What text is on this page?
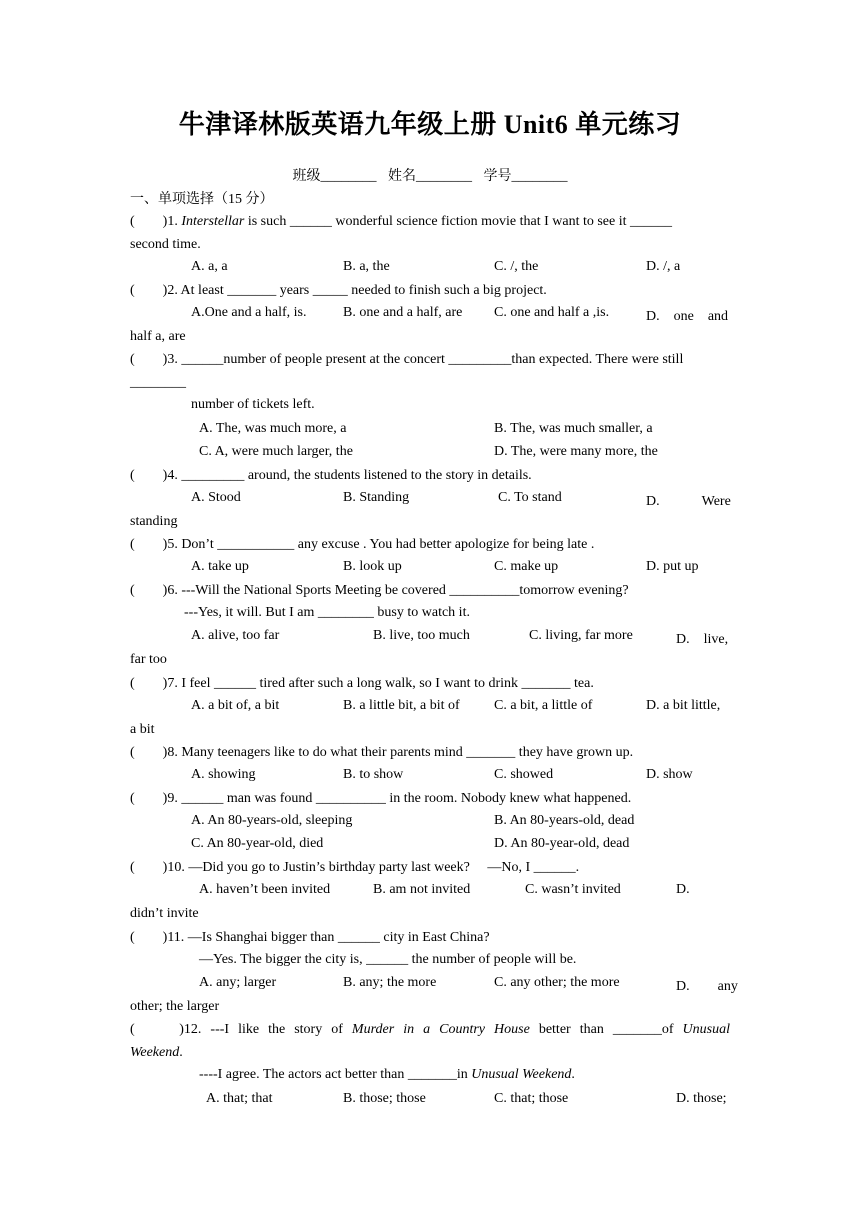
牛津译林版英语九年级上册 Unit6 单元练习
班级________ 姓名________ 学号________
一、单项选择（15 分）
(　　)1. Interstellar is such ______ wonderful science fiction movie that I want to see it ______
second time.
A. a, a	B. a, the	C. /, the	D. /, a
(　　)2. At least _______ years _____ needed to finish such a big project.
A.One and a half, is.	B. one and a half, are C. one and half a ,is.	D.　one　and
half a, are
(　　)3. ______number of people present at the concert _________than expected. There were still
________
number of tickets left.
A. The, was much more, a	B. The, was much smaller, a
C. A, were much larger, the	D. The, were many more, the
(　　)4. _________ around, the students listened to the story in details.
A. Stood	B. Standing	C. To stand	D.　　　Were
standing
(　　)5. Don’t ___________ any excuse . You had better apologize for being late .
A. take up	B. look up	C. make up	D. put up
(　　)6. ---Will the National Sports Meeting be covered __________tomorrow evening?
---Yes, it will. But I am ________ busy to watch it.
A. alive, too far	B. live, too much	C. living, far more	D.　live,
far too
(　　)7. I feel ______ tired after such a long walk, so I want to drink _______ tea.
A. a bit of, a bit	B. a little bit, a bit of C. a bit, a little of	D. a bit little,
a bit
(　　)8. Many teenagers like to do what their parents mind _______ they have grown up.
A. showing	B. to show	C. showed	D. show
(　　)9. ______ man was found __________ in the room. Nobody knew what happened.
A. An 80-years-old, sleeping	B. An 80-years-old, dead
C. An 80-year-old, died	D. An 80-year-old, dead
(　　)10. —Did you go to Justin’s birthday party last week?　 —No, I ______.
A. haven’t been invited	B. am not invited	C. wasn’t invited	D.
didn’t invite
(　　)11. —Is Shanghai bigger than ______ city in East China?
—Yes. The bigger the city is, ______ the number of people will be.
A. any; larger	B. any; the more	C. any other; the more	D.　　any
other; the larger
(　　)12. ---I like the story of Murder in a Country House better than _______of Unusual
Weekend.
----I agree. The actors act better than _______in Unusual Weekend.
A. that; that	B. those; those	C. that; those	D. those;
